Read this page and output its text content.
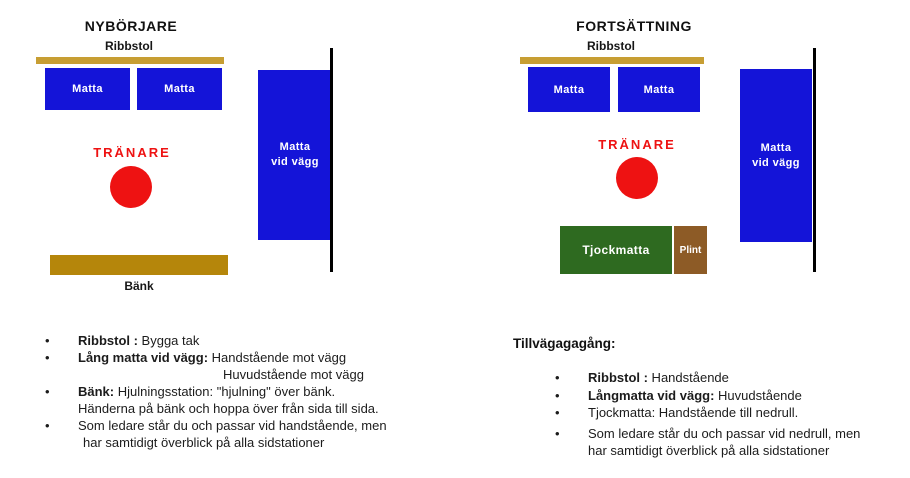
NYBÖRJARE
Ribbstol
Matta	Matta
TRÄNARE	Matta
vid vägg
Bänk
•	Ribbstol : Bygga tak
•	Lång matta vid vägg: Handstående mot vägg
Huvudstående mot vägg
•	Bänk: Hjulningsstation: "hjulning" över bänk.
Händerna på bänk och hoppa över från sida till sida.
•	Som ledare står du och passar vid handstående, men
har samtidigt överblick på alla sidstationer
FORTSÄTTNING
Ribbstol
Matta	Matta
TRÄNARE
Tjockmatta	Plint
Matta
vid vägg
Tillvägagagång:
•	Ribbstol : Handstående
•	Långmatta vid vägg: Huvudstående
•	Tjockmatta: Handstående till nedrull.
•	Som ledare står du och passar vid nedrull, men
har samtidigt överblick på alla sidstationer
